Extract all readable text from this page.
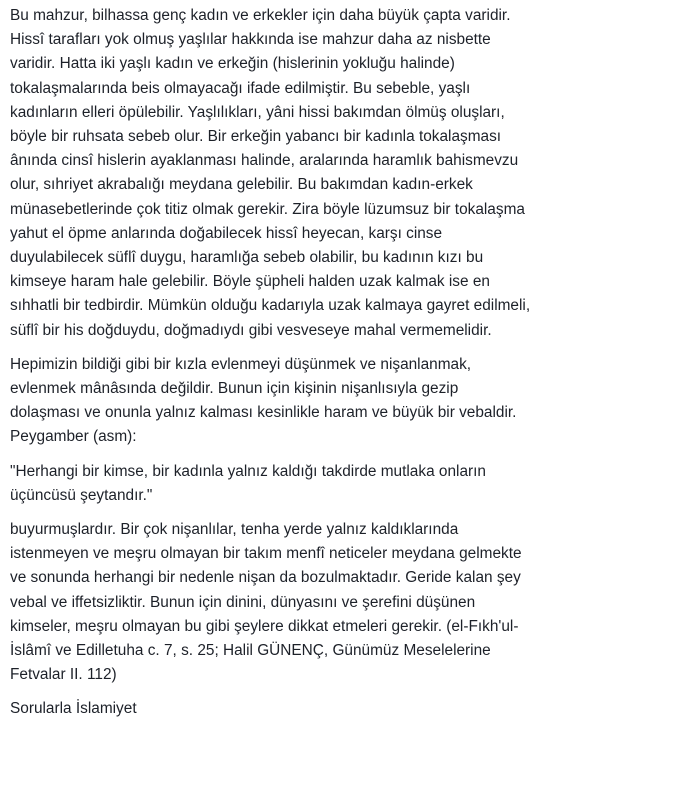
Bu mahzur, bilhassa genç kadın ve erkekler için daha büyük çapta varidir.
Hissî tarafları yok olmuş yaşlılar hakkında ise mahzur daha az nisbette
varidir. Hatta iki yaşlı kadın ve erkeğin (hislerinin yokluğu halinde)
tokalaşmalarında beis olmayacağı ifade edilmiştir. Bu sebeble, yaşlı
kadınların elleri öpülebilir. Yaşlılıkları, yâni hissi bakımdan ölmüş oluşları,
böyle bir ruhsata sebeb olur. Bir erkeğin yabancı bir kadınla tokalaşması
ânında cinsî hislerin ayaklanması halinde, aralarında haramlık bahismevzu
olur, sıhriyet akrabalığı meydana gelebilir. Bu bakımdan kadın-erkek
münasebetlerinde çok titiz olmak gerekir. Zira böyle lüzumsuz bir tokalaşma
yahut el öpme anlarında doğabilecek hissî heyecan, karşı cinse
duyulabilecek süflî duygu, haramlığa sebeb olabilir, bu kadının kızı bu
kimseye haram hale gelebilir. Böyle şüpheli halden uzak kalmak ise en
sıhhatli bir tedbirdir. Mümkün olduğu kadarıyla uzak kalmaya gayret edilmeli,
süflî bir his doğduydu, doğmadıydı gibi vesveseye mahal vermemelidir.

Hepimizin bildiği gibi bir kızla evlenmeyi düşünmek ve nişanlanmak,
evlenmek mânâsında değildir. Bunun için kişinin nişanlısıyla gezip
dolaşması ve onunla yalnız kalması kesinlikle haram ve büyük bir vebaldir.
Peygamber (asm):

"Herhangi bir kimse, bir kadınla yalnız kaldığı takdirde mutlaka onların
üçüncüsü şeytandır."

buyurmuşlardır. Bir çok nişanlılar, tenha yerde yalnız kaldıklarında
istenmeyen ve meşru olmayan bir takım menfî neticeler meydana gelmekte
ve sonunda herhangi bir nedenle nişan da bozulmaktadır. Geride kalan şey
vebal ve iffetsizliktir. Bunun için dinini, dünyasını ve şerefini düşünen
kimseler, meşru olmayan bu gibi şeylere dikkat etmeleri gerekir. (el-Fıkh'ul-
İslâmî ve Edilletuha c. 7, s. 25; Halil GÜNENÇ, Günümüz Meselelerine
Fetvalar II. 112)

Sorularla İslamiyet
